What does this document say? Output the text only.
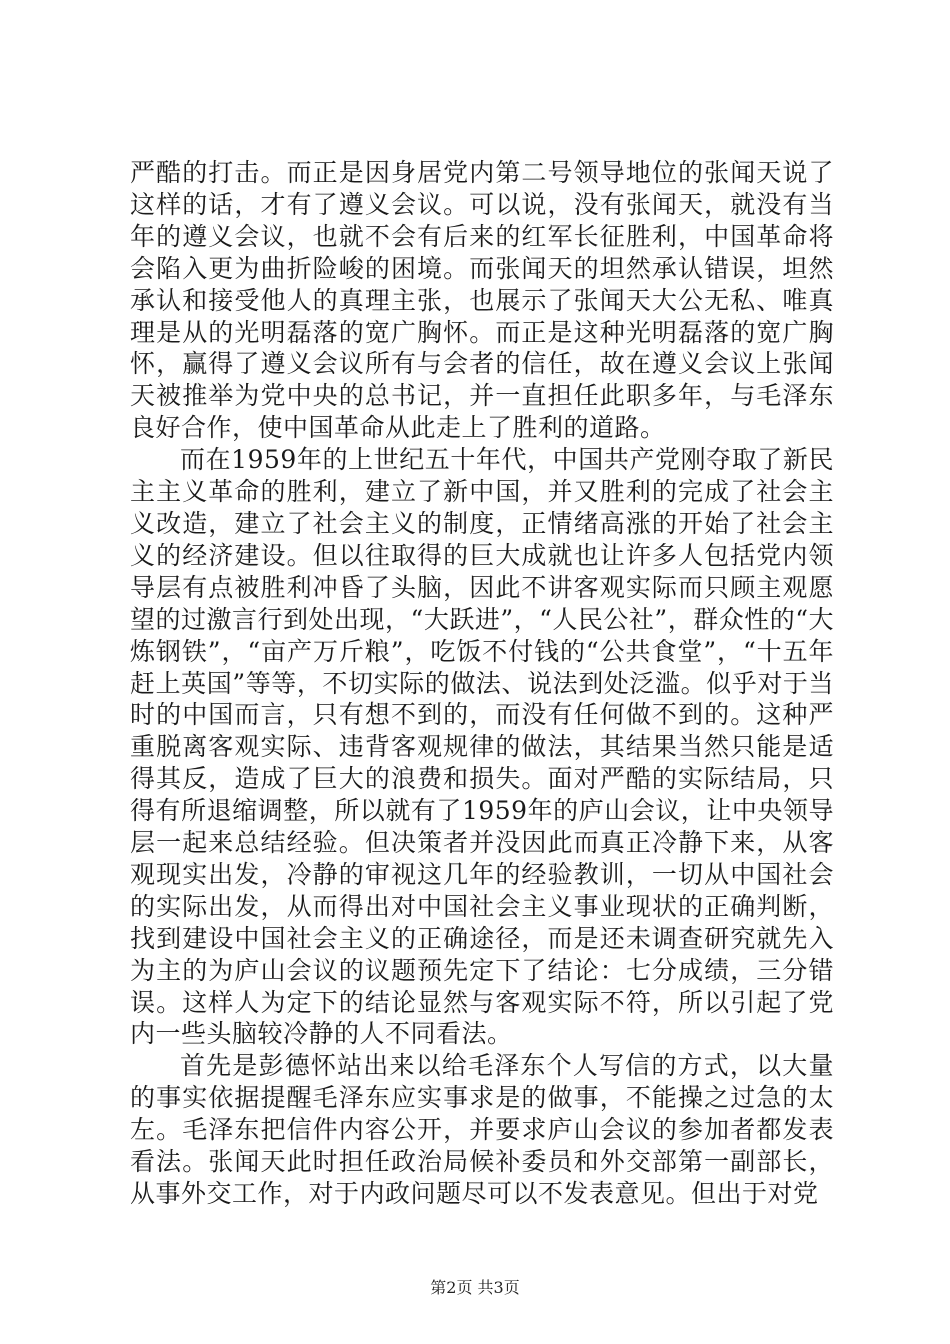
严酷的打击。而正是因身居党内第二号领导地位的张闻天说了这样的话，才有了遵义会议。可以说，没有张闻天，就没有当年的遵义会议，也就不会有后来的红军长征胜利，中国革命将会陷入更为曲折险峻的困境。而张闻天的坦然承认错误，坦然承认和接受他人的真理主张，也展示了张闻天大公无私、唯真理是从的光明磊落的宽广胸怀。而正是这种光明磊落的宽广胸怀，赢得了遵义会议所有与会者的信任，故在遵义会议上张闻天被推举为党中央的总书记，并一直担任此职多年，与毛泽东良好合作，使中国革命从此走上了胜利的道路。

而在1959年的上世纪五十年代，中国共产党刚夺取了新民主主义革命的胜利，建立了新中国，并又胜利的完成了社会主义改造，建立了社会主义的制度，正情绪高涨的开始了社会主义的经济建设。但以往取得的巨大成就也让许多人包括党内领导层有点被胜利冲昏了头脑，因此不讲客观实际而只顾主观愿望的过激言行到处出现，“大跃进”，“人民公社”，群众性的“大炼钢铁”，“亩产万斤粮”，吃饭不付钱的“公共食堂”，“十五年赶上英国”等等，不切实际的做法、说法到处泛滥。似乎对于当时的中国而言，只有想不到的，而没有任何做不到的。这种严重脱离客观实际、违背客观规律的做法，其结果当然只能是适得其反，造成了巨大的浪费和损失。面对严酷的实际结局，只得有所退缩调整，所以就有了1959年的庐山会议，让中央领导层一起来总结经验。但决策者并没因此而真正冷静下来，从客观现实出发，冷静的审视这几年的经验教训，一切从中国社会的实际出发，从而得出对中国社会主义事业现状的正确判断，找到建设中国社会主义的正确途径，而是还未调查研究就先入为主的为庐山会议的议题预先定下了结论：七分成绩，三分错误。这样人为定下的结论显然与客观实际不符，所以引起了党内一些头脑较冷静的人不同看法。

首先是彭德怀站出来以给毛泽东个人写信的方式，以大量的事实依据提醒毛泽东应实事求是的做事，不能操之过急的太左。毛泽东把信件内容公开，并要求庐山会议的参加者都发表看法。张闻天此时担任政治局候补委员和外交部第一副部长，从事外交工作，对于内政问题尽可以不发表意见。但出于对党

第2页 共3页
